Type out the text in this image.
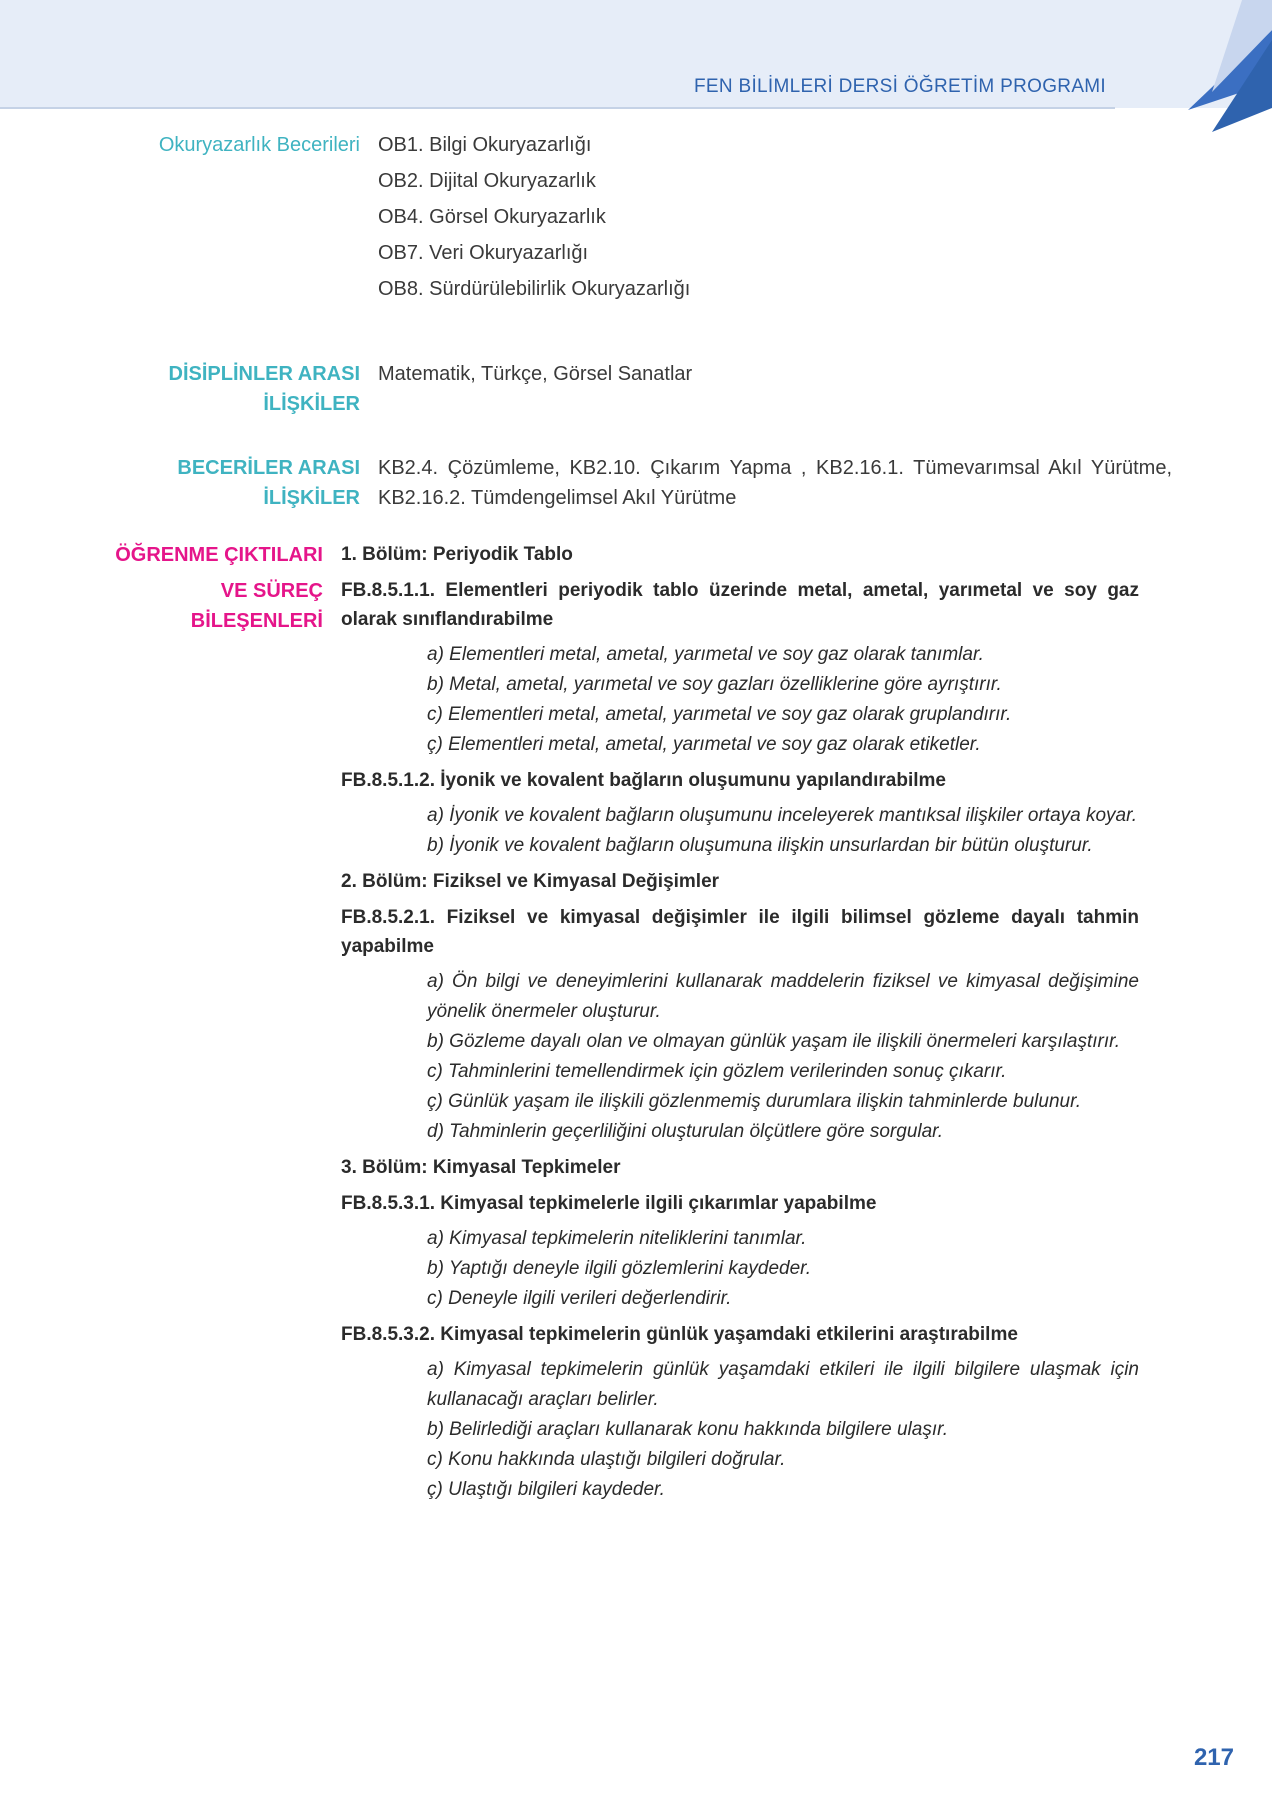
FEN BİLİMLERİ DERSİ ÖĞRETİM PROGRAMI
Okuryazarlık Becerileri OB1. Bilgi Okuryazarlığı
OB2. Dijital Okuryazarlık
OB4. Görsel Okuryazarlık
OB7. Veri Okuryazarlığı
OB8. Sürdürülebilirlik Okuryazarlığı
DİSİPLİNLER ARASI
İLİŞKİLER
Matematik, Türkçe, Görsel Sanatlar
BECERİLER ARASI
İLİŞKİLER
KB2.4. Çözümleme, KB2.10. Çıkarım Yapma , KB2.16.1. Tümevarımsal Akıl Yürütme, KB2.16.2. Tümdengelimsel Akıl Yürütme
ÖĞRENME ÇIKTILARI
VE SÜREÇ
BİLEŞENLERİ
1. Bölüm: Periyodik Tablo
FB.8.5.1.1. Elementleri periyodik tablo üzerinde metal, ametal, yarımetal ve soy gaz olarak sınıflandırabilme
a) Elementleri metal, ametal, yarımetal ve soy gaz olarak tanımlar.
b) Metal, ametal, yarımetal ve soy gazları özelliklerine göre ayrıştırır.
c) Elementleri metal, ametal, yarımetal ve soy gaz olarak gruplandırır.
ç) Elementleri metal, ametal, yarımetal ve soy gaz olarak etiketler.
FB.8.5.1.2. İyonik ve kovalent bağların oluşumunu yapılandırabilme
a) İyonik ve kovalent bağların oluşumunu inceleyerek mantıksal ilişkiler ortaya koyar.
b) İyonik ve kovalent bağların oluşumuna ilişkin unsurlardan bir bütün oluşturur.
2. Bölüm: Fiziksel ve Kimyasal Değişimler
FB.8.5.2.1. Fiziksel ve kimyasal değişimler ile ilgili bilimsel gözleme dayalı tahmin yapabilme
a) Ön bilgi ve deneyimlerini kullanarak maddelerin fiziksel ve kimyasal değişimine yönelik önermeler oluşturur.
b) Gözleme dayalı olan ve olmayan günlük yaşam ile ilişkili önermeleri karşılaştırır.
c) Tahminlerini temellendirmek için gözlem verilerinden sonuç çıkarır.
ç) Günlük yaşam ile ilişkili gözlenmemiş durumlara ilişkin tahminlerde bulunur.
d) Tahminlerin geçerliliğini oluşturulan ölçütlere göre sorgular.
3. Bölüm: Kimyasal Tepkimeler
FB.8.5.3.1. Kimyasal tepkimelerle ilgili çıkarımlar yapabilme
a) Kimyasal tepkimelerin niteliklerini tanımlar.
b) Yaptığı deneyle ilgili gözlemlerini kaydeder.
c) Deneyle ilgili verileri değerlendirir.
FB.8.5.3.2. Kimyasal tepkimelerin günlük yaşamdaki etkilerini araştırabilme
a) Kimyasal tepkimelerin günlük yaşamdaki etkileri ile ilgili bilgilere ulaşmak için kullanacağı araçları belirler.
b) Belirlediği araçları kullanarak konu hakkında bilgilere ulaşır.
c) Konu hakkında ulaştığı bilgileri doğrular.
ç) Ulaştığı bilgileri kaydeder.
217
